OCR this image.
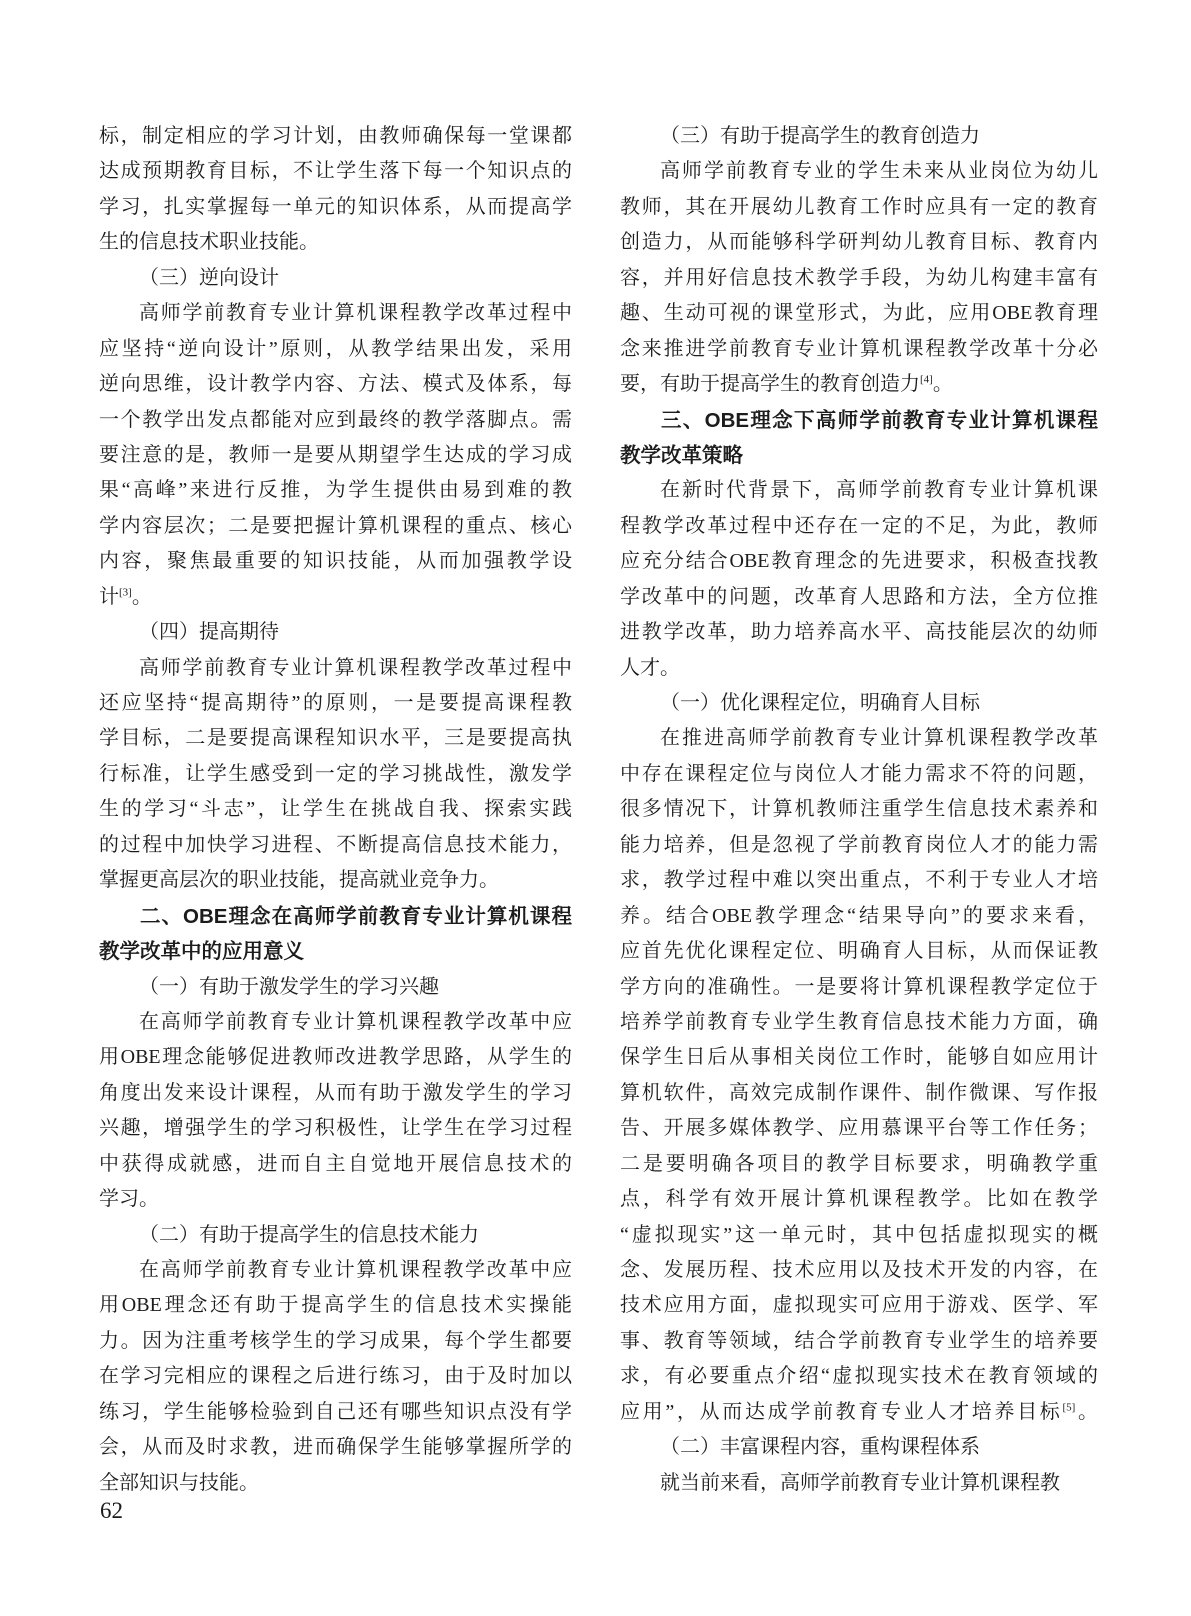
标，制定相应的学习计划，由教师确保每一堂课都
达成预期教育目标，不让学生落下每一个知识点的
学习，扎实掌握每一单元的知识体系，从而提高学
生的信息技术职业技能。
（三）逆向设计
高师学前教育专业计算机课程教学改革过程中
应坚持“逆向设计”原则，从教学结果出发，采用
逆向思维，设计教学内容、方法、模式及体系，每
一个教学出发点都能对应到最终的教学落脚点。需
要注意的是，教师一是要从期望学生达成的学习成
果“高峰”来进行反推，为学生提供由易到难的教
学内容层次；二是要把握计算机课程的重点、核心
内容，聚焦最重要的知识技能，从而加强教学设
计[3]。
（四）提高期待
高师学前教育专业计算机课程教学改革过程中
还应坚持“提高期待”的原则，一是要提高课程教
学目标，二是要提高课程知识水平，三是要提高执
行标准，让学生感受到一定的学习挑战性，激发学
生的学习“斗志”，让学生在挑战自我、探索实践
的过程中加快学习进程、不断提高信息技术能力，
掌握更高层次的职业技能，提高就业竞争力。
二、OBE理念在高师学前教育专业计算机课程
教学改革中的应用意义
（一）有助于激发学生的学习兴趣
在高师学前教育专业计算机课程教学改革中应
用OBE理念能够促进教师改进教学思路，从学生的
角度出发来设计课程，从而有助于激发学生的学习
兴趣，增强学生的学习积极性，让学生在学习过程
中获得成就感，进而自主自觉地开展信息技术的
学习。
（二）有助于提高学生的信息技术能力
在高师学前教育专业计算机课程教学改革中应
用OBE理念还有助于提高学生的信息技术实操能
力。因为注重考核学生的学习成果，每个学生都要
在学习完相应的课程之后进行练习，由于及时加以
练习，学生能够检验到自己还有哪些知识点没有学
会，从而及时求教，进而确保学生能够掌握所学的
全部知识与技能。
（三）有助于提高学生的教育创造力
高师学前教育专业的学生未来从业岗位为幼儿
教师，其在开展幼儿教育工作时应具有一定的教育
创造力，从而能够科学研判幼儿教育目标、教育内
容，并用好信息技术教学手段，为幼儿构建丰富有
趣、生动可视的课堂形式，为此，应用OBE教育理
念来推进学前教育专业计算机课程教学改革十分必
要，有助于提高学生的教育创造力[4]。
三、OBE理念下高师学前教育专业计算机课程
教学改革策略
在新时代背景下，高师学前教育专业计算机课
程教学改革过程中还存在一定的不足，为此，教师
应充分结合OBE教育理念的先进要求，积极查找教
学改革中的问题，改革育人思路和方法，全方位推
进教学改革，助力培养高水平、高技能层次的幼师
人才。
（一）优化课程定位，明确育人目标
在推进高师学前教育专业计算机课程教学改革
中存在课程定位与岗位人才能力需求不符的问题，
很多情况下，计算机教师注重学生信息技术素养和
能力培养，但是忽视了学前教育岗位人才的能力需
求，教学过程中难以突出重点，不利于专业人才培
养。结合OBE教学理念“结果导向”的要求来看，
应首先优化课程定位、明确育人目标，从而保证教
学方向的准确性。一是要将计算机课程教学定位于
培养学前教育专业学生教育信息技术能力方面，确
保学生日后从事相关岗位工作时，能够自如应用计
算机软件，高效完成制作课件、制作微课、写作报
告、开展多媒体教学、应用慕课平台等工作任务；
二是要明确各项目的教学目标要求，明确教学重
点，科学有效开展计算机课程教学。比如在教学
“虚拟现实”这一单元时，其中包括虚拟现实的概
念、发展历程、技术应用以及技术开发的内容，在
技术应用方面，虚拟现实可应用于游戏、医学、军
事、教育等领域，结合学前教育专业学生的培养要
求，有必要重点介绍“虚拟现实技术在教育领域的
应用”，从而达成学前教育专业人才培养目标[5]。
（二）丰富课程内容，重构课程体系
就当前来看，高师学前教育专业计算机课程教
62
